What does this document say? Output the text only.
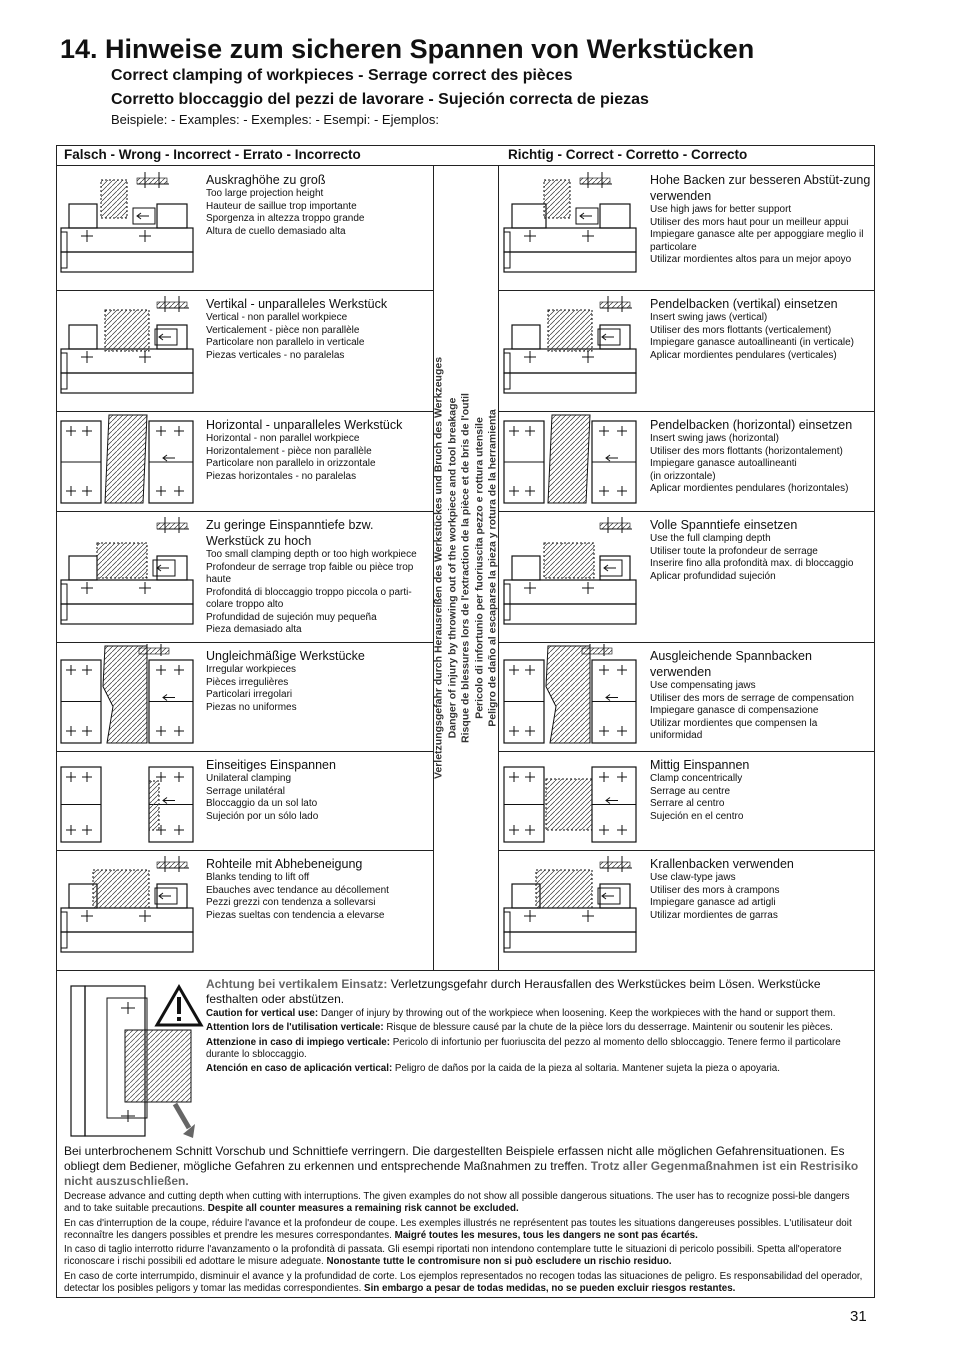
14. Hinweise zum sicheren Spannen von Werkstücken
Correct clamping of workpieces - Serrage correct des pièces
Corretto bloccaggio del pezzi de lavorare - Sujeción correcta de piezas
Beispiele: - Examples: - Exemples: - Esempi: - Ejemplos:
Falsch - Wrong - Incorrect - Errato - Incorrecto	Richtig - Correct - Corretto - Correcto
Verletzungsgefahr durch Herausreißen des Werkstückes und Bruch des Werkzeuges Danger of injury by throwing out of the workpiece and tool breakage Risque de blessures lors de l'extraction de la pièce et de bris de l'outil Pericolo di infortunio per fuoriuscita pezzo e rottura utensile Peligro de daño al escaparse la pieza y rotura de la herramienta
Auskraghöhe zu groß
Too large projection height
Hauteur de saillue trop importante
Sporgenza in altezza troppo grande
Altura de cuello demasiado alta
Hohe Backen zur besseren Abstüt-zung verwenden
Use high jaws for better support
Utiliser des mors haut pour un meilleur appui
Impiegare ganasce alte per appoggiare meglio il particolare
Utilizar mordientes altos para un mejor apoyo
Vertikal - unparalleles Werkstück
Vertical - non parallel workpiece
Verticalement - pièce non parallèle
Particolare non parallelo in verticale
Piezas verticales - no paralelas
Pendelbacken (vertikal) einsetzen
Insert swing jaws (vertical)
Utiliser des mors flottants (verticalement)
Impiegare ganasce autoallineanti (in verticale)
Aplicar mordientes pendulares (verticales)
Horizontal - unparalleles Werkstück
Horizontal - non parallel workpiece
Horizontalement - pièce non parallèle
Particolare non parallelo in orizzontale
Piezas horizontales - no paralelas
Pendelbacken (horizontal) einsetzen
Insert swing jaws (horizontal)
Utiliser des mors flottants (horizontalement)
Impiegare ganasce autoallineanti
(in orizzontale)
Aplicar mordientes pendulares (horizontales)
Zu geringe Einspanntiefe bzw. Werkstück zu hoch
Too small clamping depth or too high workpiece
Profondeur de serrage trop faible ou pièce trop haute
Profonditá di bloccaggio troppo piccola o parti-colare troppo alto
Profundidad de sujeción muy pequeña
Pieza demasiado alta
Volle Spanntiefe einsetzen
Use the full clamping depth
Utiliser toute la profondeur de serrage
Inserire fino alla profondità max. di bloccaggio
Aplicar profundidad sujeción
Ungleichmäßige Werkstücke
Irregular workpieces
Pièces irregulières
Particolari irregolari
Piezas no uniformes
Ausgleichende Spannbacken verwenden
Use compensating jaws
Utiliser des mors de serrage de compensation
Impiegare ganasce di compensazione
Utilizar mordientes que compensen la uniformidad
Einseitiges Einspannen
Unilateral clamping
Serrage unilatéral
Bloccaggio da un sol lato
Sujeción por un sólo lado
Mittig Einspannen
Clamp concentrically
Serrage au centre
Serrare al centro
Sujeción en el centro
Rohteile mit Abhebeneigung
Blanks tending to lift off
Ebauches avec tendance au décollement
Pezzi grezzi con tendenza a sollevarsi
Piezas sueltas con tendencia a elevarse
Krallenbacken verwenden
Use claw-type jaws
Utiliser des mors à crampons
Impiegare ganasce ad artigli
Utilizar mordientes de garras
Achtung bei vertikalem Einsatz: Verletzungsgefahr durch Herausfallen des Werkstückes beim Lösen. Werkstücke festhalten oder abstützen.
Caution for vertical use: Danger of injury by throwing out of the workpiece when loosening. Keep the workpieces with the hand or support them.
Attention lors de l'utilisation verticale: Risque de blessure causé par la chute de la pièce lors du desserrage. Maintenir ou soutenir les pièces.
Attenzione in caso di impiego verticale: Pericolo di infortunio per fuoriuscita del pezzo al momento dello sbloccaggio. Tenere fermo il particolare durante lo sbloccaggio.
Atención en caso de aplicación vertical: Peligro de daños por la caida de la pieza al soltaria. Mantener sujeta la pieza o apoyaria.
Bei unterbrochenem Schnitt Vorschub und Schnittiefe verringern. Die dargestellten Beispiele erfassen nicht alle möglichen Gefahrensituationen. Es obliegt dem Bediener, mögliche Gefahren zu erkennen und entsprechende Maßnahmen zu treffen. Trotz aller Gegenmaßnahmen ist ein Restrisiko nicht auszuschließen.
Decrease advance and cutting depth when cutting with interruptions. The given examples do not show all possible dangerous situations. The user has to recognize possi-ble dangers and to take suitable precautions. Despite all counter measures a remaining risk cannot be excluded.
En cas d'interruption de la coupe, réduire l'avance et la profondeur de coupe. Les exemples illustrés ne représentent pas toutes les situations dangereuses possibles. L'utilisateur doit reconnaître les dangers possibles et prendre les mesures correspondantes. Maigré toutes les mesures, tous les dangers ne sont pas écartés.
In caso di taglio interrotto ridurre l'avanzamento o la profondità di passata. Gli esempi riportati non intendono contemplare tutte le situazioni di pericolo possibili. Spetta all'operatore riconoscare i rischi possibili ed adottare le misure adeguate. Nonostante tutte le contromisure non si può escludere un rischio residuo.
En caso de corte interrumpido, disminuir el avance y la profundidad de corte. Los ejemplos representados no recogen todas las situaciones de peligro. Es responsabilidad del operador, detectar los posibles peligors y tomar las medidas correspondientes. Sin embargo a pesar de todas medidas, no se pueden excluir riesgos restantes.
31
